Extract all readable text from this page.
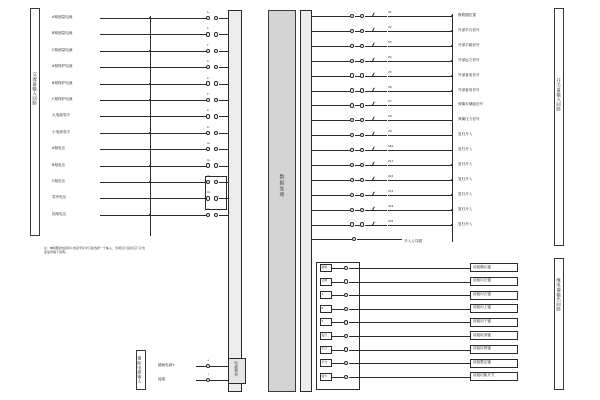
交流量输入回路
辅助电源输入
开关量输入回路
继电器输出回路
数据处理
A相测量电流
Iₐ
B相测量电流
Iₑ
C相测量电流
Iᶜ
A相保护电流
Iₐ'
B相保护电流
Iₑ'
C相保护电流
Iᶜ'
大电流零序
I₀
小电流零序
I₀'
A相电压
Uₐ
B相电压
Uₑ
C相电压
Uᶜ
零序电压
U₀
抽取电压
Uₓ
注：B相测量电流和小电流零序中只能选择一个输入，该项目订货时应订正电流复用端子说明。
辅助电源+
+
接地
⏚	电源模块
X1
断路器位置
X2
外部手合信号
X3
外部手跳信号
X4
外部远方信号
X5
外部备用信号
X6
外部备用信号
X7
弹簧未储能信号
X8
弹簧压力信号
X9
复归开入
X10
复归开入
X11
复归开入
X12
复归开入
X13
复归开入
X14
复归开入
X15
复归开入
开入公共端
跳闸
合闸
1
2
3
复归
手合
手分
信号
前板确认键
前板向左键
前板向右键
前板向上键
前板向下键
前板取消键
前板挂锁键
前板整定键
前板切换开关
